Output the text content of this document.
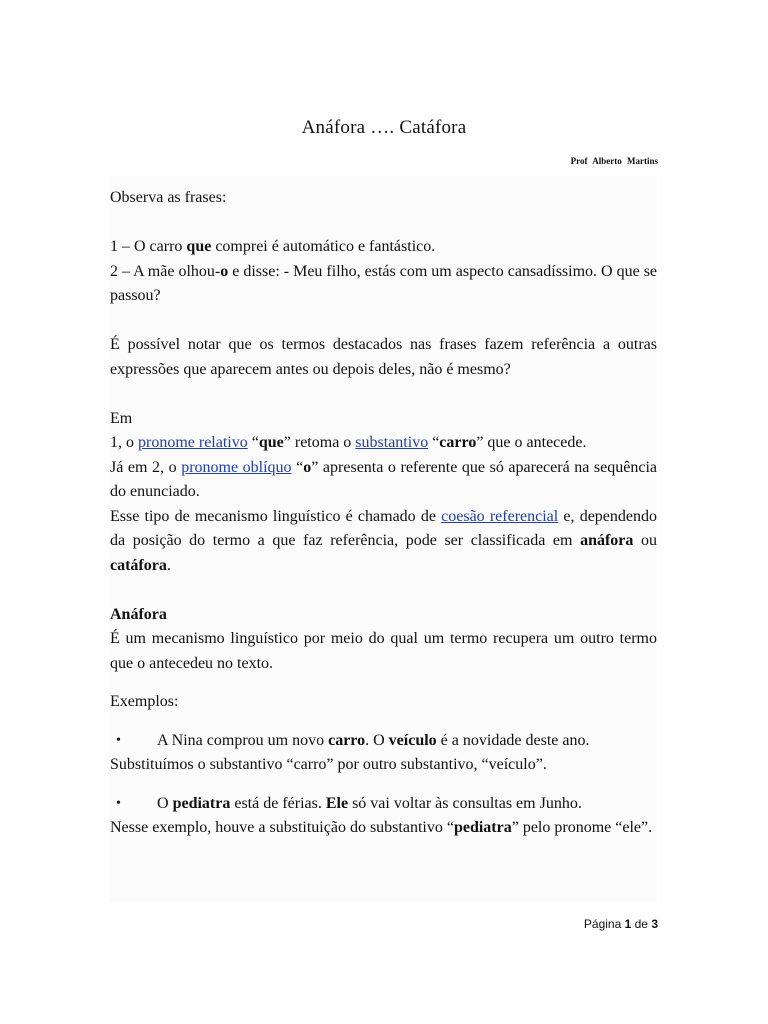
Anáfora …. Catáfora
Prof Alberto Martins

Observa as frases:

1 – O carro que comprei é automático e fantástico.

2 – A mãe olhou-o e disse: - Meu filho, estás com um aspecto cansadíssimo. O que se passou?

É possível notar que os termos destacados nas frases fazem referência a outras expressões que aparecem antes ou depois deles, não é mesmo?

Em

1, o pronome relativo “que” retoma o substantivo “carro” que o antecede.

Já em 2, o pronome oblíquo “o” apresenta o referente que só aparecerá na sequência do enunciado.

Esse tipo de mecanismo linguístico é chamado de coesão referencial e, dependendo da posição do termo a que faz referência, pode ser classificada em anáfora ou catáfora.

Anáfora

É um mecanismo linguístico por meio do qual um termo recupera um outro termo que o antecedeu no texto.

Exemplos:

• A Nina comprou um novo carro. O veículo é a novidade deste ano.

Substituímos o substantivo “carro” por outro substantivo, “veículo”.

• O pediatra está de férias. Ele só vai voltar às consultas em Junho.

Nesse exemplo, houve a substituição do substantivo “pediatra” pelo pronome “ele”.

Página 1 de 3
